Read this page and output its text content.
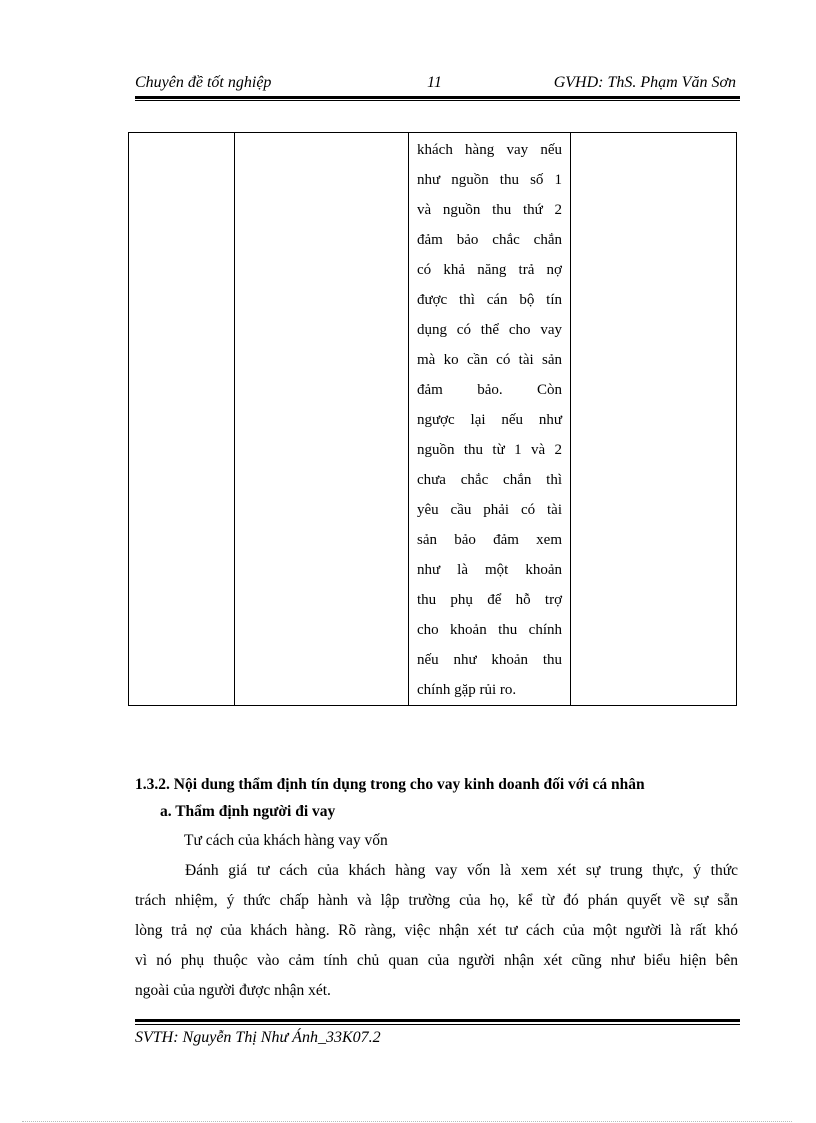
Chuyên đề tốt nghiệp	11	GVHD: ThS. Phạm Văn Sơn

khách hàng vay nếu
như nguồn thu số 1
và nguồn thu thứ 2
đảm bảo chắc chắn
có khả năng trả nợ
được thì cán bộ tín
dụng có thể cho vay
mà ko cần có tài sản
đảm bảo. Còn
ngược lại nếu như
nguồn thu từ 1 và 2
chưa chắc chắn thì
yêu cầu phải có tài
sản bảo đảm xem
như là một khoản
thu phụ để hỗ trợ
cho khoản thu chính
nếu như khoản thu
chính gặp rủi ro.

1.3.2. Nội dung thẩm định tín dụng trong cho vay kinh doanh đối với cá nhân
a. Thẩm định người đi vay
Tư cách của khách hàng vay vốn
Đánh giá tư cách của khách hàng vay vốn là xem xét sự trung thực, ý thức
trách nhiệm, ý thức chấp hành và lập trường của họ, kể từ đó phán quyết về sự sẵn
lòng trả nợ của khách hàng. Rõ ràng, việc nhận xét tư cách của một người là rất khó
vì nó phụ thuộc vào cảm tính chủ quan của người nhận xét cũng như biểu hiện bên
ngoài của người được nhận xét.
SVTH: Nguyễn Thị Như Ánh_33K07.2
